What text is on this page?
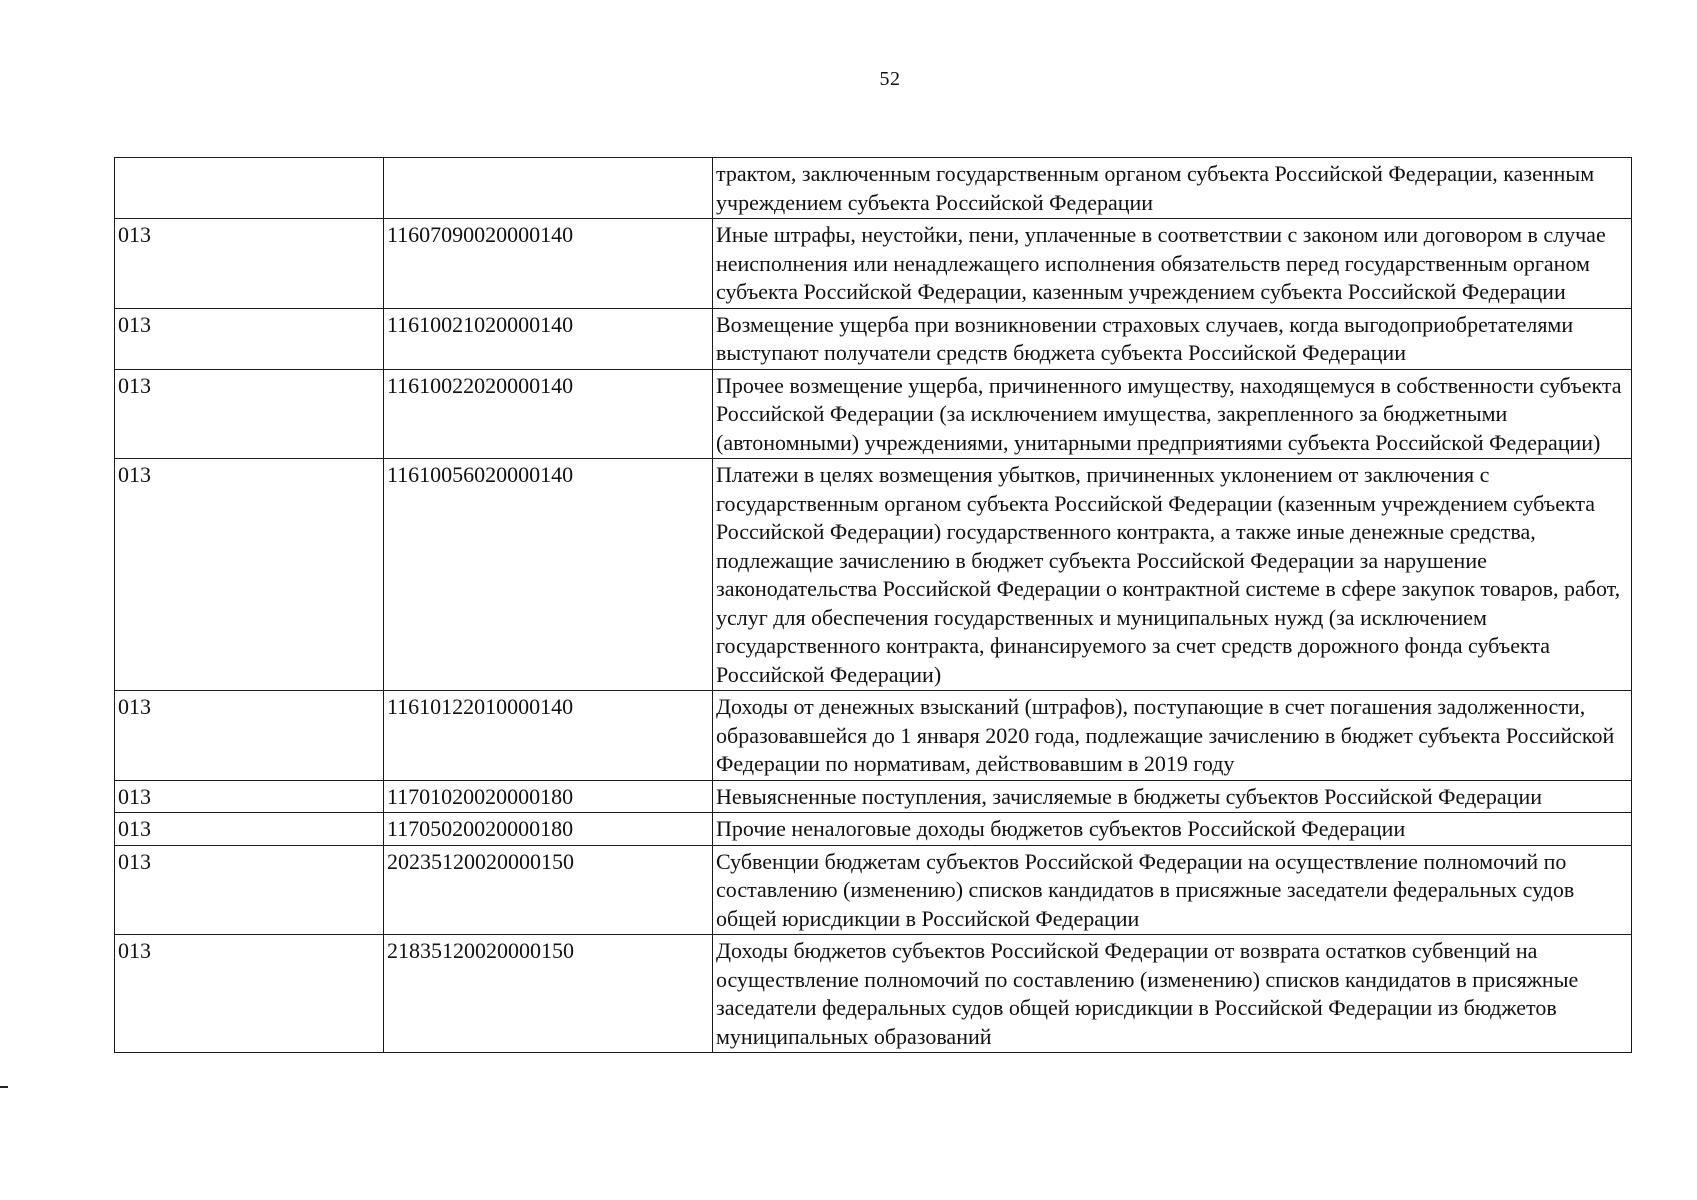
52
		трактом, заключенным государственным органом субъекта Российской Федерации, казенным учреждением субъекта Российской Федерации
013	11607090020000140	Иные штрафы, неустойки, пени, уплаченные в соответствии с законом или договором в случае неисполнения или ненадлежащего исполнения обязательств перед государственным органом субъекта Российской Федерации, казенным учреждением субъекта Российской Федерации
013	11610021020000140	Возмещение ущерба при возникновении страховых случаев, когда выгодоприобретателями выступают получатели средств бюджета субъекта Российской Федерации
013	11610022020000140	Прочее возмещение ущерба, причиненного имуществу, находящемуся в собственности субъекта Российской Федерации (за исключением имущества, закрепленного за бюджетными (автономными) учреждениями, унитарными предприятиями субъекта Российской Федерации)
013	11610056020000140	Платежи в целях возмещения убытков, причиненных уклонением от заключения с государственным органом субъекта Российской Федерации (казенным учреждением субъекта Российской Федерации) государственного контракта, а также иные денежные средства, подлежащие зачислению в бюджет субъекта Российской Федерации за нарушение законодательства Российской Федерации о контрактной системе в сфере закупок товаров, работ, услуг для обеспечения государственных и муниципальных нужд (за исключением государственного контракта, финансируемого за счет средств дорожного фонда субъекта Российской Федерации)
013	11610122010000140	Доходы от денежных взысканий (штрафов), поступающие в счет погашения задолженности, образовавшейся до 1 января 2020 года, подлежащие зачислению в бюджет субъекта Российской Федерации по нормативам, действовавшим в 2019 году
013	11701020020000180	Невыясненные поступления, зачисляемые в бюджеты субъектов Российской Федерации
013	11705020020000180	Прочие неналоговые доходы бюджетов субъектов Российской Федерации
013	20235120020000150	Субвенции бюджетам субъектов Российской Федерации на осуществление полномочий по составлению (изменению) списков кандидатов в присяжные заседатели федеральных судов общей юрисдикции в Российской Федерации
013	21835120020000150	Доходы бюджетов субъектов Российской Федерации от возврата остатков субвенций на осуществление полномочий по составлению (изменению) списков кандидатов в присяжные заседатели федеральных судов общей юрисдикции в Российской Федерации из бюджетов муниципальных образований
